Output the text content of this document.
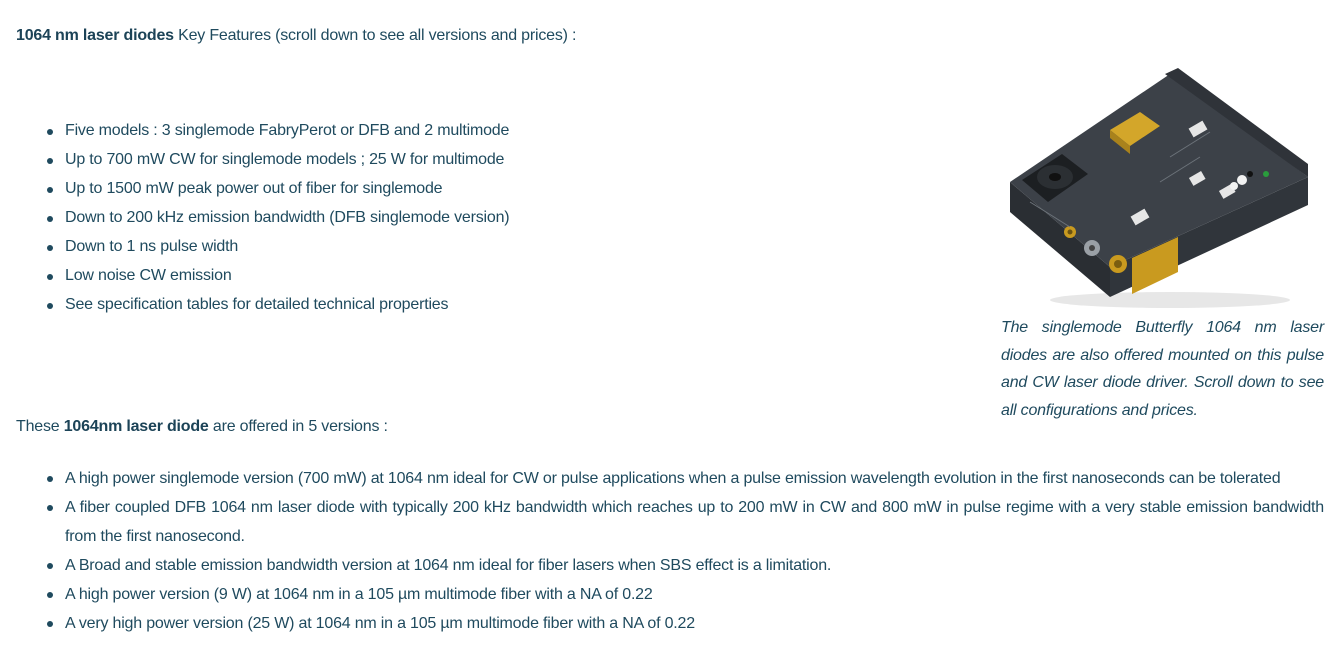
1064 nm laser diodes Key Features (scroll down to see all versions and prices) :
Five models : 3 singlemode FabryPerot or DFB and 2 multimode
Up to 700 mW CW for singlemode models ; 25 W for multimode
Up to 1500 mW peak power out of fiber for singlemode
Down to 200 kHz emission bandwidth (DFB singlemode version)
Down to 1 ns pulse width
Low noise CW emission
See specification tables for detailed technical properties
The singlemode Butterfly 1064 nm laser diodes are also offered mounted on this pulse and CW laser diode driver. Scroll down to see all configurations and prices.
These 1064nm laser diode are offered in 5 versions :
A high power singlemode version (700 mW) at 1064 nm ideal for CW or pulse applications when a pulse emission wavelength evolution in the first nanoseconds can be tolerated
A fiber coupled DFB 1064 nm laser diode with typically 200 kHz bandwidth which reaches up to 200 mW in CW and 800 mW in pulse regime with a very stable emission bandwidth from the first nanosecond.
A Broad and stable emission bandwidth version at 1064 nm ideal for fiber lasers when SBS effect is a limitation.
A high power version (9 W) at 1064 nm in a 105 µm multimode fiber with a NA of 0.22
A very high power version (25 W) at 1064 nm in a 105 µm multimode fiber with a NA of 0.22
